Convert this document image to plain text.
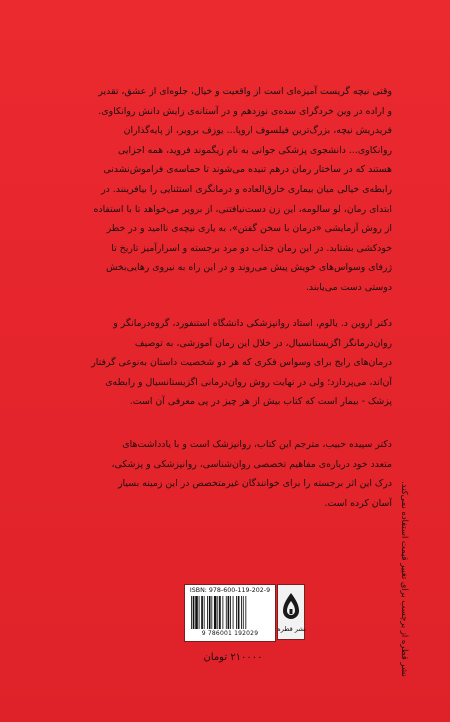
وقتی نیچه گریست آمیزه‌ای است از واقعیت و خیال، جلوه‌ای از عشق، تقدیر
و اراده در وین خردگرای سده‌ی نوزدهم و در آستانه‌ی زایش دانش روانکاوی.
فریدریش نیچه، بزرگ‌ترین فیلسوف اروپا... یوزف برویر، از پایه‌گذاران
روانکاوی... دانشجوی پزشکی جوانی به نام زیگموند فروید، همه اجزایی
هستند که در ساختار رمان درهم تنیده می‌شوند تا حماسه‌ی فراموش‌نشدنی
رابطه‌ی خیالی میان بیماری خارق‌العاده و درمانگری استثنایی را بیافرینند. در
ابتدای رمان، لو سالومه، این زن دست‌نیافتنی، از برویر می‌خواهد تا با استفاده
از روش آزمایشی «درمان با سخن گفتن»، به یاری نیچه‌ی ناامید و در خطر
خودکشی بشتابد. در این رمان جذاب دو مرد برجسته و اسرارآمیز تاریخ تا
ژرفای وسواس‌های خویش پیش می‌روند و در این راه به نیروی رهایی‌بخش
دوستی دست می‌یابند.
دکتر اروین د. یالوم، استاد روانپزشکی دانشگاه استنفورد، گروه‌درمانگر و
روان‌درمانگر اگزیستانسیال، در خلال این رمان آموزشی، به توصیف
درمان‌های رایج برای وسواس فکری که هر دو شخصیت داستان به‌نوعی گرفتار
آن‌اند، می‌پردازد؛ ولی در نهایت روش روان‌درمانی اگزیستانسیال و رابطه‌ی
پزشک - بیمار است که کتاب بیش از هر چیز در پی معرفی آن است.
دکتر سپیده حبیب، مترجم این کتاب، روانپزشک است و با یادداشت‌های
متعدد خود درباره‌ی مفاهیم تخصصی روان‌شناسی، روانپزشکی و پزشکی،
درک این اثر برجسته را برای خوانندگان غیرمتخصص در این زمینه بسیار
آسان کرده است. نشر قطره از برچسب برای تغییر قیمت استفاده نمی‌کند.
ISBN: 978-600-119-202-9
9 786001 192029
نشر قطره
۲۱۰۰۰۰ تومان
